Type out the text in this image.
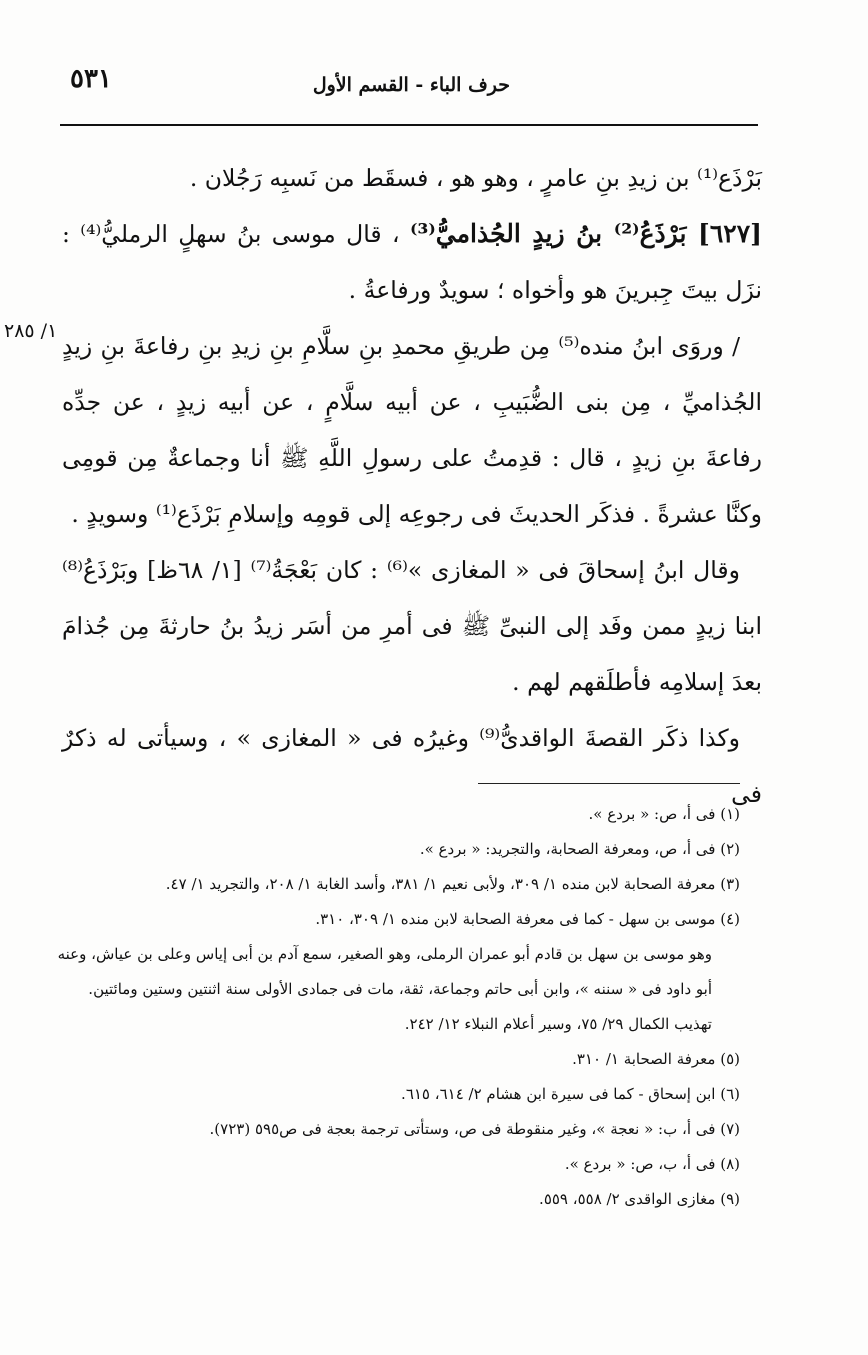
٥٣١	حرف الباء - القسم الأول
١/ ٢٨٥

بَرْذَع⁽¹⁾ بن زيدِ بنِ عامرٍ ، وهو هو ، فسقَط من نَسبِه رَجُلان .

[٦٢٧] بَرْذَعُ⁽²⁾ بنُ زيدٍ الجُذاميُّ⁽³⁾ ، قال موسى بنُ سهلٍ الرمليُّ⁽⁴⁾ : نزَل بيتَ جِبرينَ هو وأخواه ؛ سويدٌ ورفاعةُ .

/ وروَى ابنُ منده⁽⁵⁾ مِن طريقِ محمدِ بنِ سلَّامِ بنِ زيدِ بنِ رفاعةَ بنِ زيدٍ الجُذاميِّ ، مِن بنى الضُّبَيبِ ، عن أبيه سلَّامٍ ، عن أبيه زيدٍ ، عن جدِّه رفاعةَ بنِ زيدٍ ، قال : قدِمتُ على رسولِ اللَّهِ ﷺ أنا وجماعةٌ مِن قومِى وكنَّا عشرةً . فذكَر الحديثَ فى رجوعِه إلى قومِه وإسلامِ بَرْذَع⁽¹⁾ وسويدٍ .

وقال ابنُ إسحاقَ فى « المغازى »⁽⁶⁾ : كان بَعْجَةُ⁽⁷⁾ [١/ ٦٨ظ] وبَرْذَعُ⁽⁸⁾ ابنا زيدٍ ممن وفَد إلى النبىِّ ﷺ فى أمرِ من أسَر زيدُ بنُ حارثةَ مِن جُذامَ بعدَ إسلامِه فأطلَقهم لهم .

وكذا ذكَر القصةَ الواقدىُّ⁽⁹⁾ وغيرُه فى « المغازى » ، وسيأتى له ذكرٌ فى

(١) فى أ، ص: « بردع ».

(٢) فى أ، ص، ومعرفة الصحابة، والتجريد: « بردع ».

(٣) معرفة الصحابة لابن منده ١/ ٣٠٩، ولأبى نعيم ١/ ٣٨١، وأسد الغابة ١/ ٢٠٨، والتجريد ١/ ٤٧.

(٤) موسى بن سهل - كما فى معرفة الصحابة لابن منده ١/ ٣٠٩، ٣١٠.

وهو موسى بن سهل بن قادم أبو عمران الرملى، وهو الصغير، سمع آدم بن أبى إياس وعلى بن عياش، وعنه أبو داود فى « سننه »، وابن أبى حاتم وجماعة، ثقة، مات فى جمادى الأولى سنة اثنتين وستين ومائتين. تهذيب الكمال ٢٩/ ٧٥، وسير أعلام النبلاء ١٢/ ٢٤٢.

(٥) معرفة الصحابة ١/ ٣١٠.

(٦) ابن إسحاق - كما فى سيرة ابن هشام ٢/ ٦١٤، ٦١٥.

(٧) فى أ، ب: « نعجة »، وغير منقوطة فى ص، وستأتى ترجمة بعجة فى ص٥٩٥ (٧٢٣).

(٨) فى أ، ب، ص: « بردع ».

(٩) مغازى الواقدى ٢/ ٥٥٨، ٥٥٩.
